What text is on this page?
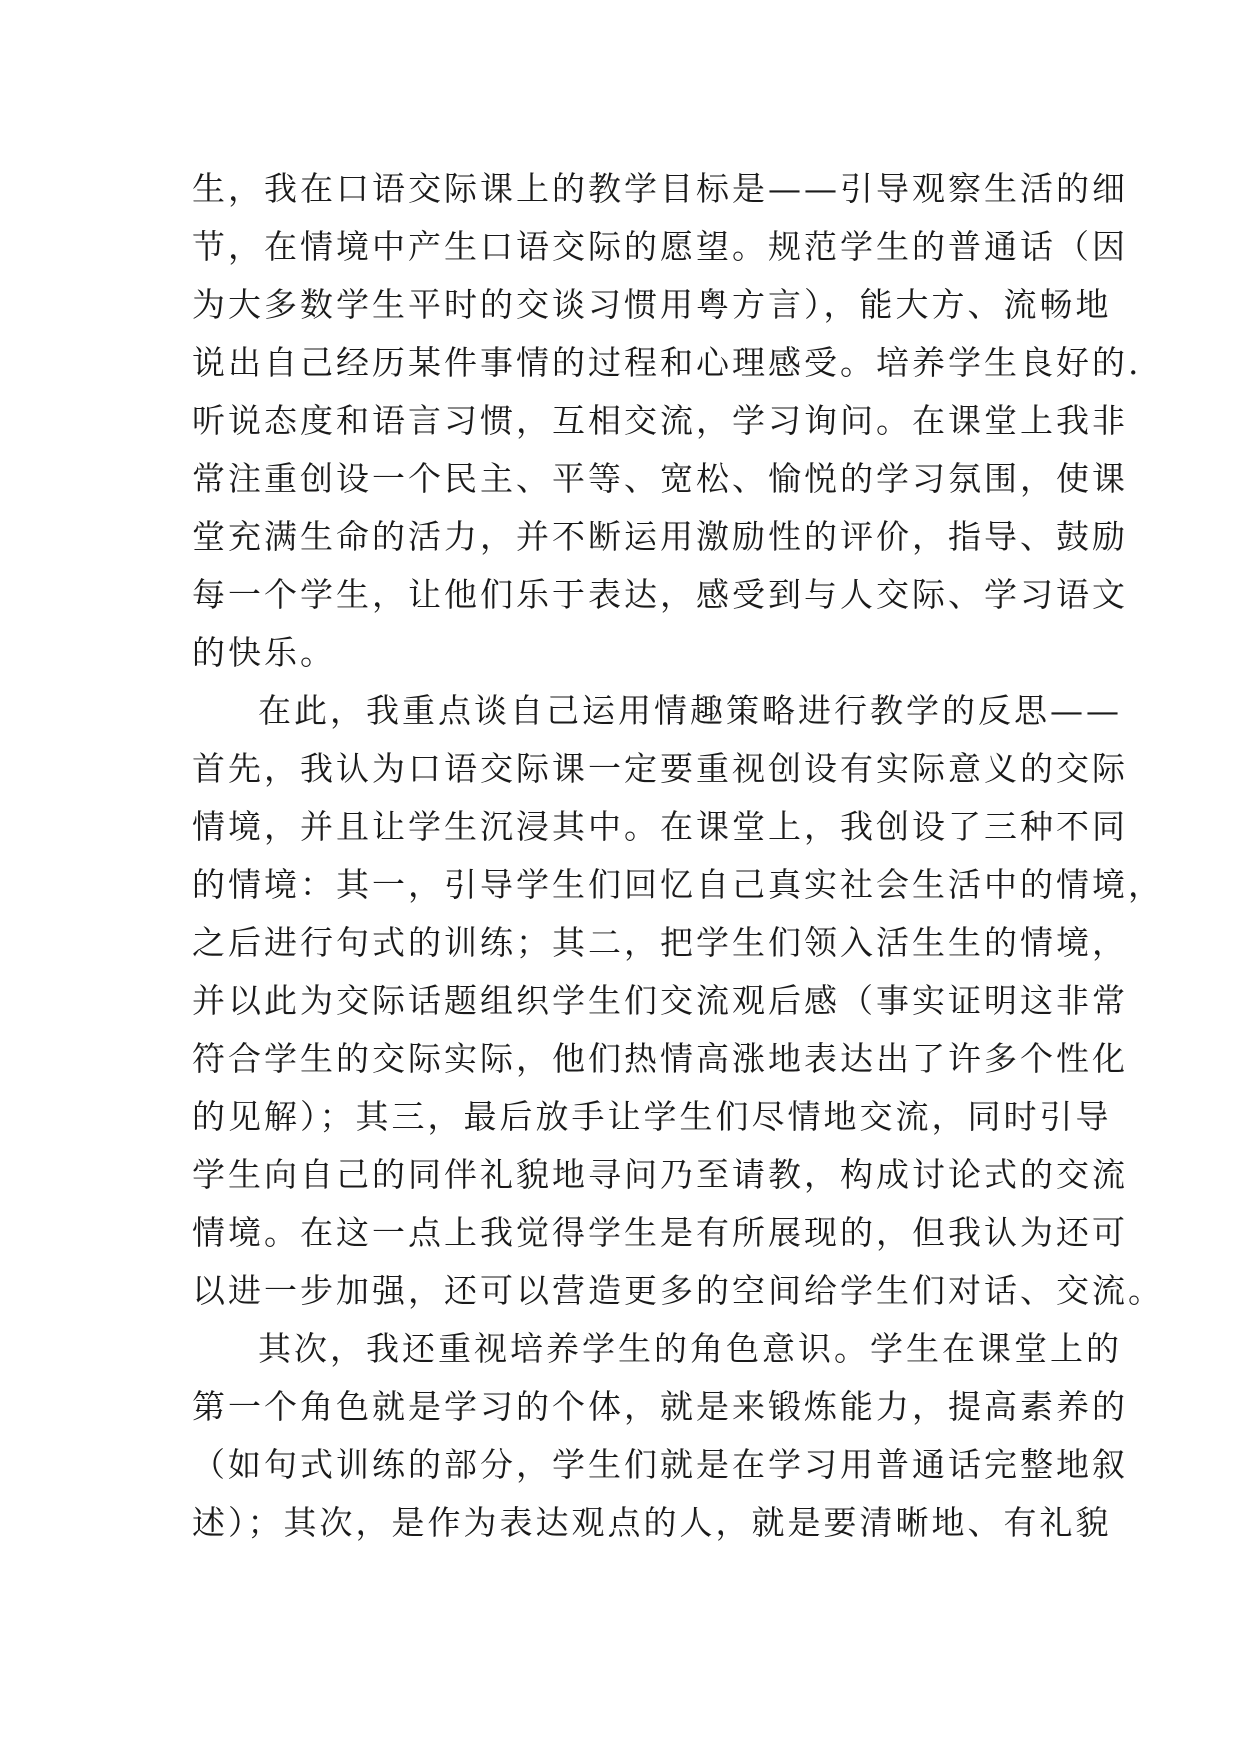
生，我在口语交际课上的教学目标是——引导观察生活的细
节，在情境中产生口语交际的愿望。规范学生的普通话（因
为大多数学生平时的交谈习惯用粤方言），能大方、流畅地
说出自己经历某件事情的过程和心理感受。培养学生良好的.
听说态度和语言习惯，互相交流，学习询问。在课堂上我非
常注重创设一个民主、平等、宽松、愉悦的学习氛围，使课
堂充满生命的活力，并不断运用激励性的评价，指导、鼓励
每一个学生，让他们乐于表达，感受到与人交际、学习语文
的快乐。
在此，我重点谈自己运用情趣策略进行教学的反思——
首先，我认为口语交际课一定要重视创设有实际意义的交际
情境，并且让学生沉浸其中。在课堂上，我创设了三种不同
的情境：其一，引导学生们回忆自己真实社会生活中的情境，
之后进行句式的训练；其二，把学生们领入活生生的情境，
并以此为交际话题组织学生们交流观后感（事实证明这非常
符合学生的交际实际，他们热情高涨地表达出了许多个性化
的见解）；其三，最后放手让学生们尽情地交流，同时引导
学生向自己的同伴礼貌地寻问乃至请教，构成讨论式的交流
情境。在这一点上我觉得学生是有所展现的，但我认为还可
以进一步加强，还可以营造更多的空间给学生们对话、交流。
其次，我还重视培养学生的角色意识。学生在课堂上的
第一个角色就是学习的个体，就是来锻炼能力，提高素养的
（如句式训练的部分，学生们就是在学习用普通话完整地叙
述）；其次，是作为表达观点的人，就是要清晰地、有礼貌
